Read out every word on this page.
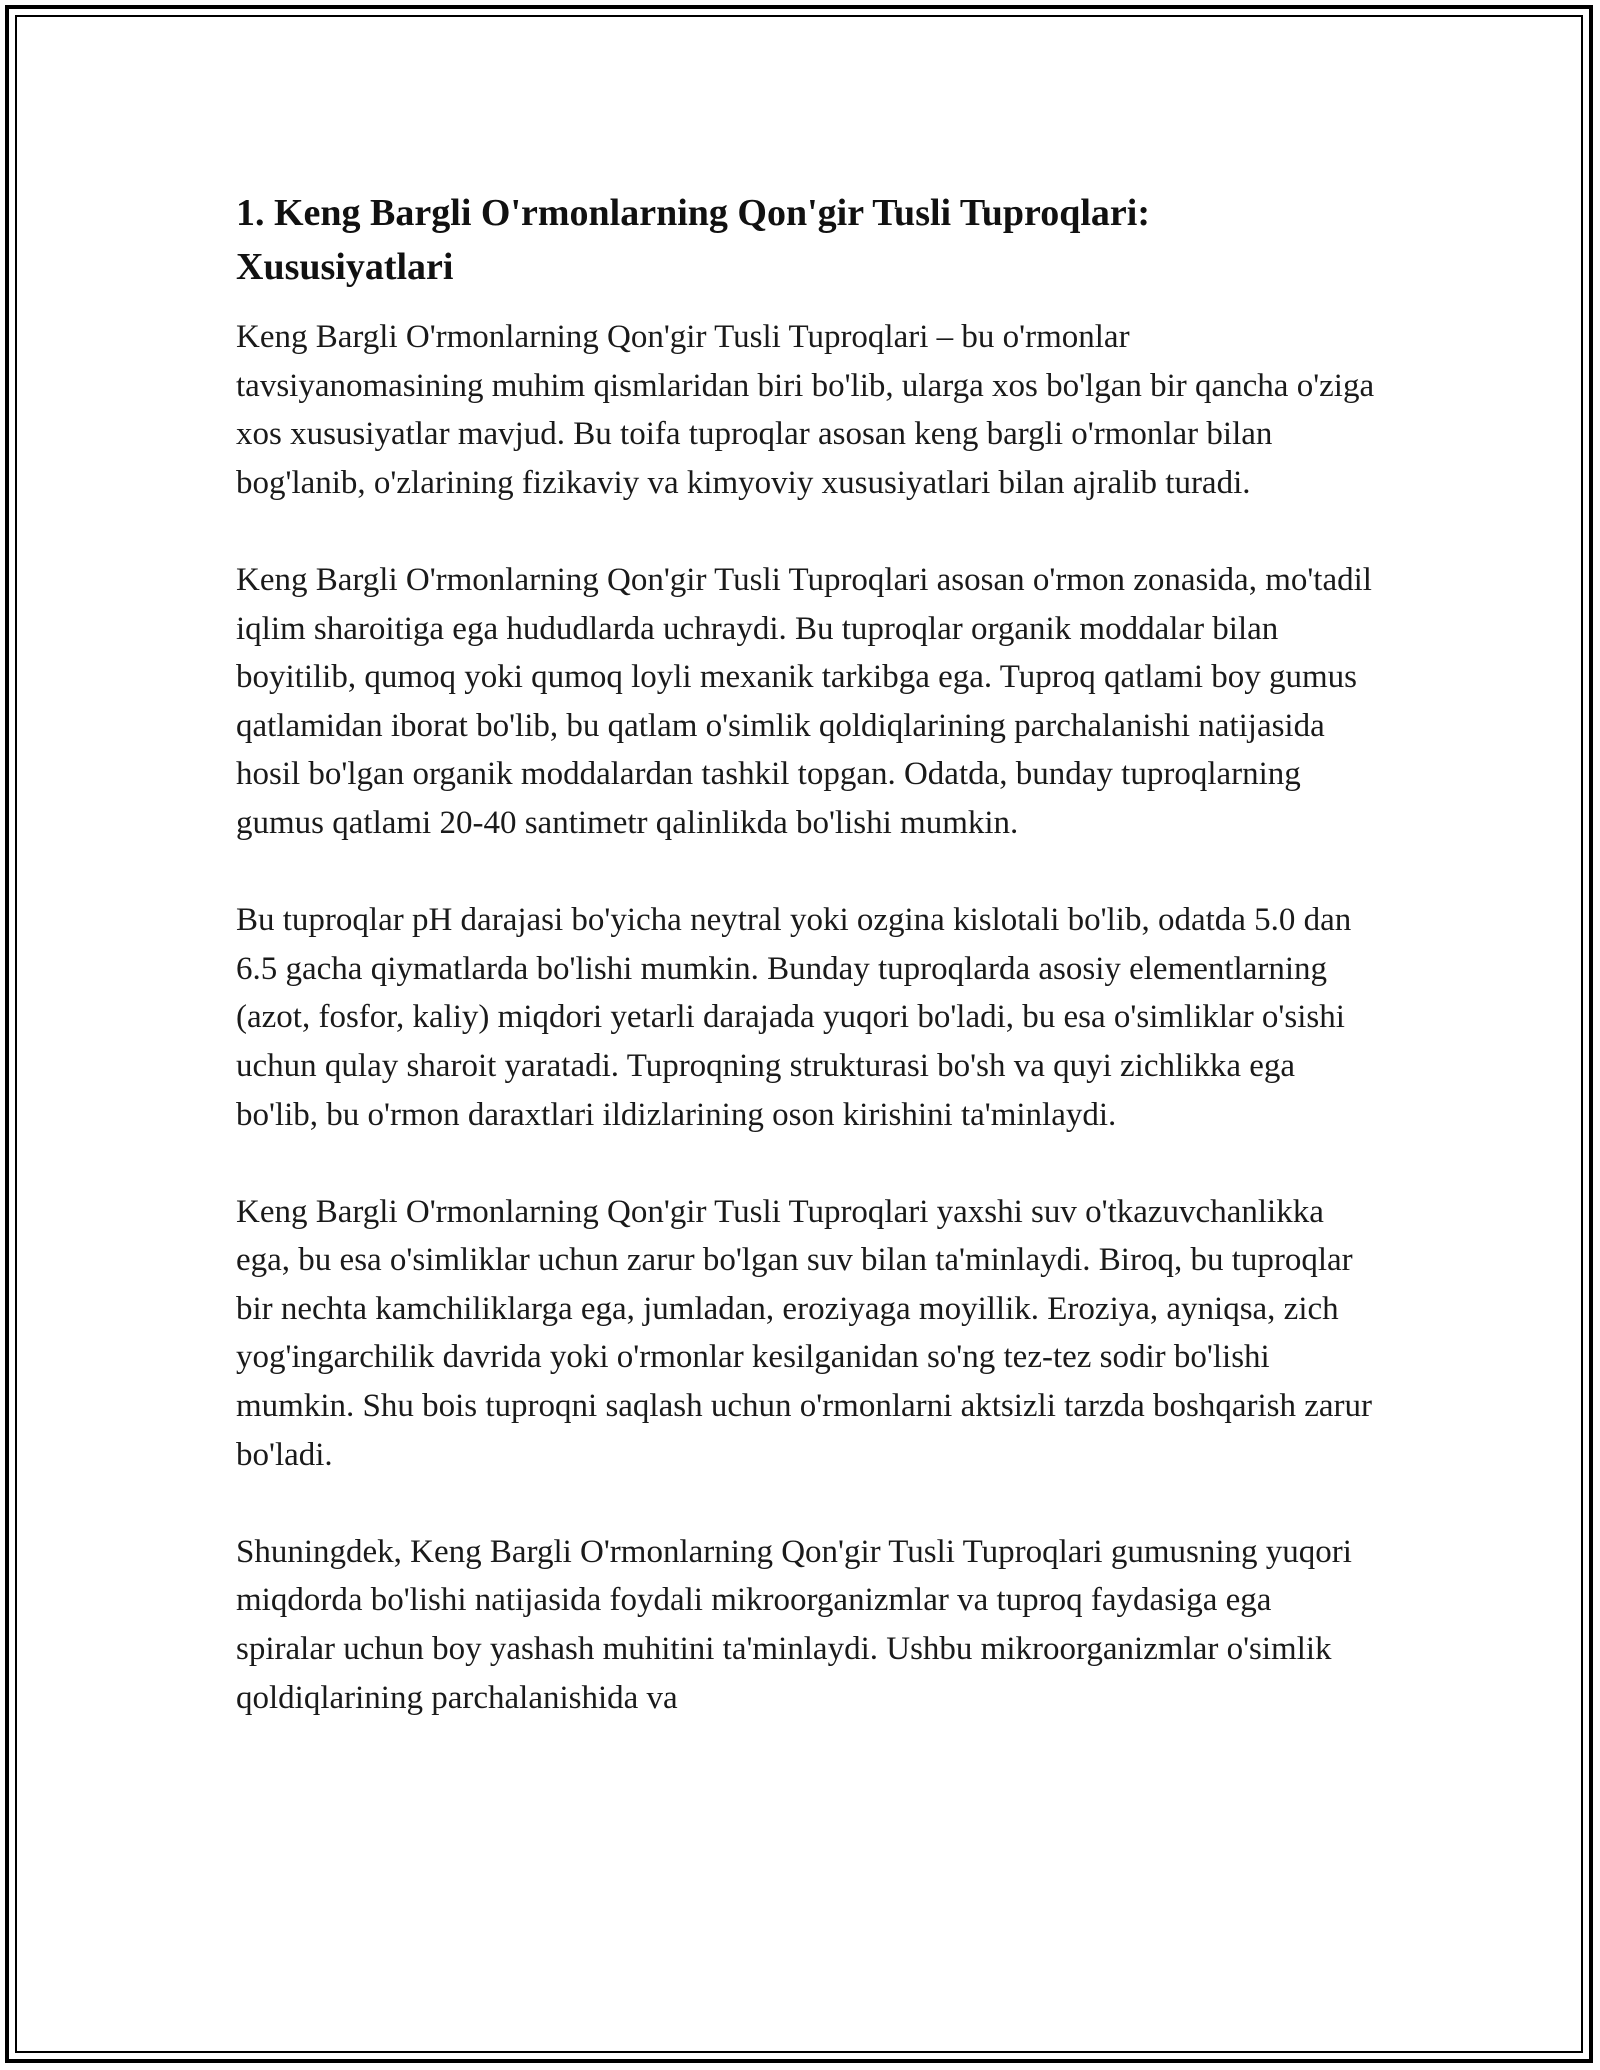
1. Keng Bargli O'rmonlarning Qon'gir Tusli Tuproqlari: Xususiyatlari

Keng Bargli O'rmonlarning Qon'gir Tusli Tuproqlari – bu o'rmonlar tavsiyanomasining muhim qismlaridan biri bo'lib, ularga xos bo'lgan bir qancha o'ziga xos xususiyatlar mavjud. Bu toifa tuproqlar asosan keng bargli o'rmonlar bilan bog'lanib, o'zlarining fizikaviy va kimyoviy xususiyatlari bilan ajralib turadi.

Keng Bargli O'rmonlarning Qon'gir Tusli Tuproqlari asosan o'rmon zonasida, mo'tadil iqlim sharoitiga ega hududlarda uchraydi. Bu tuproqlar organik moddalar bilan boyitilib, qumoq yoki qumoq loyli mexanik tarkibga ega. Tuproq qatlami boy gumus qatlamidan iborat bo'lib, bu qatlam o'simlik qoldiqlarining parchalanishi natijasida hosil bo'lgan organik moddalardan tashkil topgan. Odatda, bunday tuproqlarning gumus qatlami 20-40 santimetr qalinlikda bo'lishi mumkin.

Bu tuproqlar pH darajasi bo'yicha neytral yoki ozgina kislotali bo'lib, odatda 5.0 dan 6.5 gacha qiymatlarda bo'lishi mumkin. Bunday tuproqlarda asosiy elementlarning (azot, fosfor, kaliy) miqdori yetarli darajada yuqori bo'ladi, bu esa o'simliklar o'sishi uchun qulay sharoit yaratadi. Tuproqning strukturasi bo'sh va quyi zichlikka ega bo'lib, bu o'rmon daraxtlari ildizlarining oson kirishini ta'minlaydi.

Keng Bargli O'rmonlarning Qon'gir Tusli Tuproqlari yaxshi suv o'tkazuvchanlikka ega, bu esa o'simliklar uchun zarur bo'lgan suv bilan ta'minlaydi. Biroq, bu tuproqlar bir nechta kamchiliklarga ega, jumladan, eroziyaga moyillik. Eroziya, ayniqsa, zich yog'ingarchilik davrida yoki o'rmonlar kesilganidan so'ng tez-tez sodir bo'lishi mumkin. Shu bois tuproqni saqlash uchun o'rmonlarni aktsizli tarzda boshqarish zarur bo'ladi.

Shuningdek, Keng Bargli O'rmonlarning Qon'gir Tusli Tuproqlari gumusning yuqori miqdorda bo'lishi natijasida foydali mikroorganizmlar va tuproq faydasiga ega spiralar uchun boy yashash muhitini ta'minlaydi. Ushbu mikroorganizmlar o'simlik qoldiqlarining parchalanishida va
